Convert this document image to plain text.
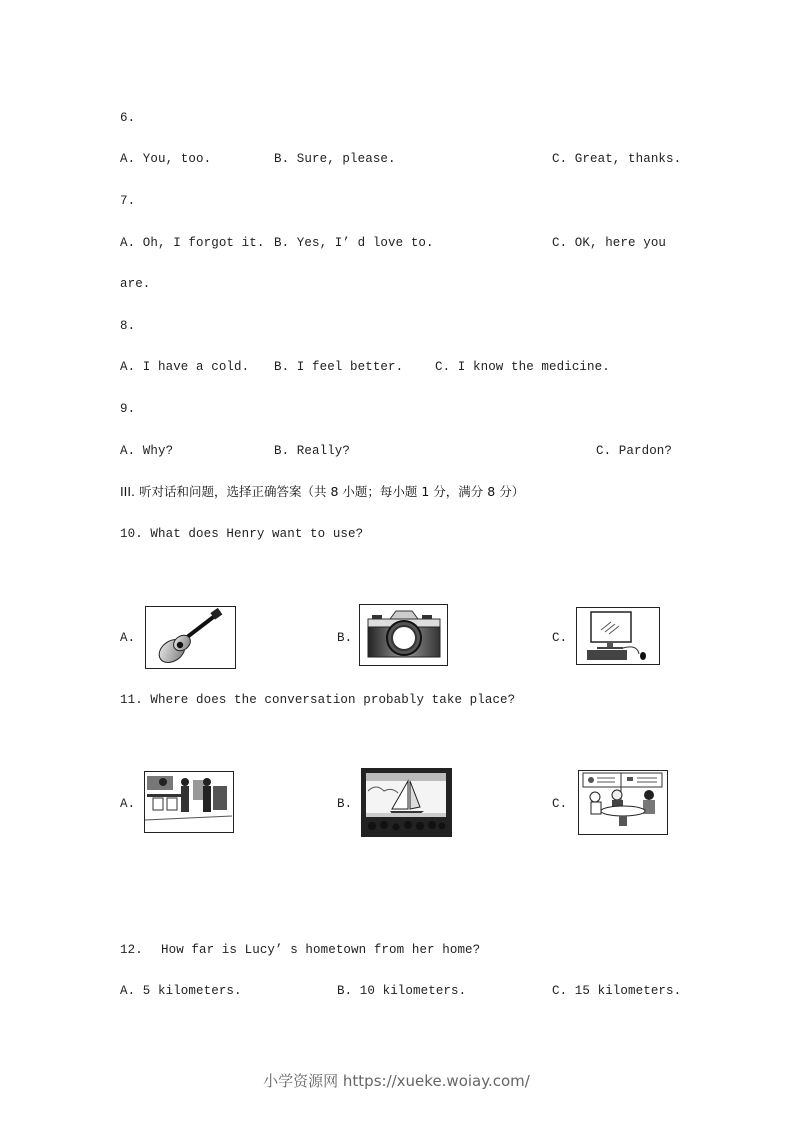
6.
A. You, too.	B. Sure, please.	C. Great, thanks.
7.
A. Oh, I forgot it. B. Yes, I’ d love to.	C. OK, here you
are.
8.
A. I have a cold. B. I feel better.	C. I know the medicine.
9.
A. Why?	B. Really?	C. Pardon?
III. 听对话和问题，选择正确答案（共 8 小题；每小题 1 分，满分 8 分）
10. What does Henry want to use?
A.	B.	C.
11. Where does the conversation probably take place?
A.	B.	C.
12. How far is Lucy’ s hometown from her home?
A. 5 kilometers.	B. 10 kilometers.	C. 15 kilometers.
小学资源网 https://xueke.woiay.com/
